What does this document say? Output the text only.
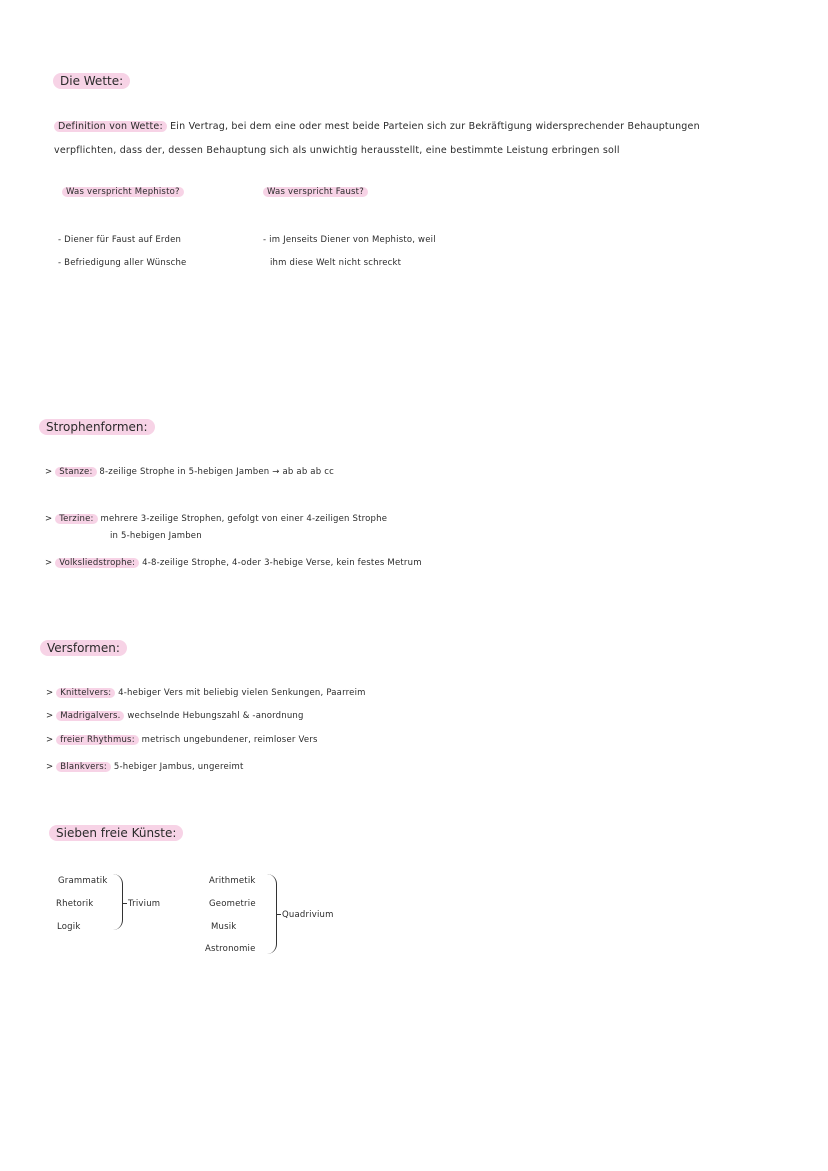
Die Wette:
Definition von Wette: Ein Vertrag, bei dem eine oder mest beide Parteien sich zur Bekräftigung widersprechender Behauptungen
verpflichten, dass der, dessen Behauptung sich als unwichtig herausstellt, eine bestimmte Leistung erbringen soll
Was verspricht Mephisto?	Was verspricht Faust?
- Diener für Faust auf Erden
- Befriedigung aller Wünsche
- im Jenseits Diener von Mephisto, weil
ihm diese Welt nicht schreckt
Strophenformen:
> Stanze: 8-zeilige Strophe in 5-hebigen Jamben → ab ab ab cc
> Terzine: mehrere 3-zeilige Strophen, gefolgt von einer 4-zeiligen Strophe
in 5-hebigen Jamben
> Volksliedstrophe: 4-8-zeilige Strophe, 4-oder 3-hebige Verse, kein festes Metrum
Versformen:
> Knittelvers: 4-hebiger Vers mit beliebig vielen Senkungen, Paarreim
> Madrigalvers. wechselnde Hebungszahl & -anordnung
> freier Rhythmus: metrisch ungebundener, reimloser Vers
> Blankvers: 5-hebiger Jambus, ungereimt
Sieben freie Künste:
Grammatik
Rhetorik
Logik
Trivium
Arithmetik
Geometrie
Musik
Astronomie
Quadrivium
